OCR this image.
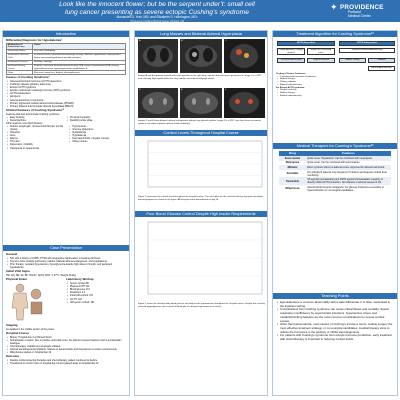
Look like the innocent flower; but be the serpent under’t: small cell
lung cancer presenting as severe ectopic Cushing’s syndrome
Alexander G. Hair, MD¹ and Elizabeth S. Huntington, MD¹
¹Providence Portland Medical Center, Portland, OR
✦ PROVIDENCE
Portland
Medical Center
Introduction
Differential Diagnosis for Hypokalemia¹
Mechanism of Potassium Loss	Cause
Decreased Intake	Less than 20mEq/day
Increased K Shift into Cells	Increased insulin, elevated beta-adrenergic activity, alkalosis, hypothermia, antipsychotics, barium poisoning/hypokalemic periodic paralysis
Increased GI Losses	Diarrhea, vomiting
Increased Urinary Losses	Diuretics, increased mineralocorticoid activity, DKA, amino, bicarbonaturia/RTA, primary hyperaldosteronism, hypomagnesemia, amphotericin B
Other	Excessive sweat loss, dialysis, plasmapheresis
Causes of Cushing Syndrome¹
• Adrenocorticotropic hormone (ACTH) dependent
• Cushing's disease (pituitary adenoma)
• Ectopic ACTH syndrome
• Ectopic corticotropin releasing hormone (CRH) syndrome
• ACTH-independent
• Iatrogenic
• Adrenal adenoma or carcinoma
• Primary pigmented nodular adrenocortical disease (PPNAD)
• Primary bilateral macronodular adrenal hyperplasia (BMAH)
Clinical Features of Cushing Syndrome¹²
Features that best discriminate Cushing syndrome:
• Easy bruising
• Facial plethora
• Proximal myopathy
• Reddish purple striae
Other features: less discriminatory
• Sudden weight gain, dorsocervical fat pad, truncal obesity
• Hirsutism
• Acne
• Edema
• Thin skin
• Depression, irritability
• Osteopenia or osteoporosis
• Hypertension
• Glucose intolerance
• Dyslipidemia
• Hypokalemia
• Decreased libido, irregular menses
• Kidney stones
Case Presentation
General
• 52F with a history of COPD, PTSD with progressive lightheaded, increasing dizziness
• Found to have multiple pulmonary nodules, bilateral adrenal enlargement, and hypokalemia
• Prior therapy: resistant hypertension, hyperglycemia despite high doses of insulin, and persistent hypokalemia
Initial Vital Signs
HR: 116, RR: 20, BP: 181/97, SpO2: 96%, T: 37°C, Weight 69.4kg
Physical Exam	Laboratory Workup
• Serum cortisol 98
• Plasma ACTH 111
• Blood glucose 472
• Potassium 2.4
• Initial AM cortisol: 107
• ACTH: 104
• AM serum cortisol: 151
Imaging
As detailed in the middle section of the poster.
Hospital Course
• Biopsy: Hospital day 3 confirmed SCLC
• Somatostatin receptor: Due to positive octreotide scan, the patient received treatment with a somatostatin analogue
• Chemotherapy: cisplatin and etoposide initiated
• Adrenal steroidogenesis inhibitors: Started on ketoconazole and metyrapone to reduce cortisol levels
• Mifepristone started on hospital day 19
Outcome
• Despite cortisol-lowering therapies and chemotherapy, patient continued to decline
• Transferred to comfort care on hospital day 19 and passed away on hospital day 20
Lung Masses and Bilateral Adrenal Hyperplasia
A	B	C
Images A and B represent several soft tissue densities in the right lung, with the dominant mass pictured in B. Image C is a PET scan showing high-uptake within the lung nodules and subcarinal lymph nodes.
D	E	F
Images D and E show bilateral adrenal enlargement without any adrenal nodules. Image F is a PET scan that shows increased uptake in the adrenal glands without visible nodularity.
Cortisol Levels Throughout Hospital Course
Figure 1 represents the cortisol trend throughout the hospital course. The start dates for the cortisol-reducing therapies etomidate and metyrapone are shown in the figure. All therapies were discontinued on day 19.
Poor Blood Glucose Control Despite High Insulin Requirements
Figure 2 shows the average daily blood glucose and daily insulin requirements throughout the hospital course. Despite the severely elevated hyperglycemia, poor control of blood glucose despite high amounts of insulin.
Treatment Algorithm for Cushing Syndrome²³
ACTH-Dependent	ACTH-Independent
Pituitary Adenoma (Cushing's disease)
Ectopic ACTH-secreting tumor
Unilateral or Bilateral Adrenalectomy
Transsphenoidal Surgery	Surgical Resection	Medical Therapy	Radiation
Bilateral Adrenalectomy
Cushing's Disease Treatment:
• Transsphenoidal resection of adenoma
• Medical therapy
• Pituitary radiation
• Bilateral adrenalectomy
For Ectopic ACTH syndrome:
• Surgical resection
• Medical therapy
• Bilateral adrenalectomy
Medical Therapies for Cushing’s Syndrome²³
Drug	Features
Ketoconazole	Quick onset. Hepatotoxic. Can be combined with metyrapone.
Metyrapone	Quick onset. Can be combined with ketoconazole.
Mitotane	Direct cytotoxic effect on adrenal cortex. Approved for adrenal carcinoma.
Etomidate	For critically ill patients only. Requires IV infusion and frequent cortisol level monitoring.
Pasireotide	SS agonist (somatostatin) and SSTR agonist (Somatostatin receptor) to directly inhibit ACTH production. Not effective in adrenal causes of CS.
Mifepristone	Glucocorticoid receptor antagonist. For glucose intolerance secondary to hypercortisolism in non-surgical candidates.
Teaching Points
• Hypokalemia is a common abnormality with a wide differential. It is often overlooked in the inpatient setting.
• Complications from Cushing syndrome can cause critical illness and mortality. Sepsis, respiratory insufficiency by opportunistic infections, hypertensive crises, and metabolic/clotting features are the most common complications for severe cortisol excess.
• Other than ketoconazole, most causes of Cushing's involve a tumor, making surgery the most effective treatment strategy, or non-surgical candidates, medical therapy aims to reduce the hormones in the pituitary or inhibit steroidogenesis.
• For patients with Cushing's syndrome from ectopic hormone production, early treatment with chemotherapy is important in reducing cortisol levels.
